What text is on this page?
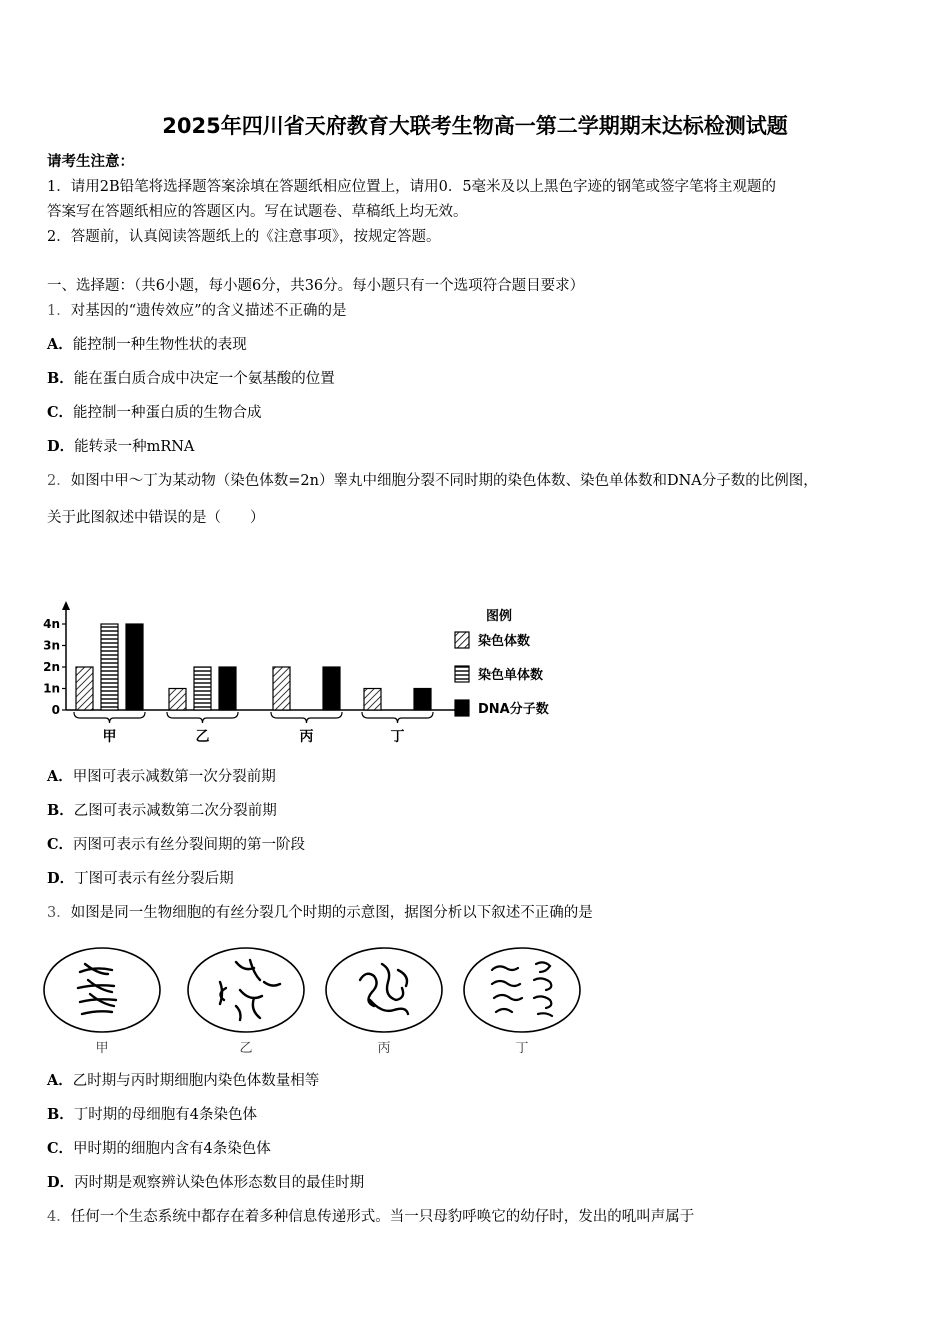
2025年四川省天府教育大联考生物高一第二学期期末达标检测试题
请考生注意：
1．请用2B铅笔将选择题答案涂填在答题纸相应位置上，请用0．5毫米及以上黑色字迹的钢笔或签字笔将主观题的
答案写在答题纸相应的答题区内。写在试题卷、草稿纸上均无效。
2．答题前，认真阅读答题纸上的《注意事项》，按规定答题。
一、选择题：（共6小题，每小题6分，共36分。每小题只有一个选项符合题目要求）
1．对基因的“遗传效应”的含义描述不正确的是
A．能控制一种生物性状的表现
B．能在蛋白质合成中决定一个氨基酸的位置
C．能控制一种蛋白质的生物合成
D．能转录一种mRNA
2．如图中甲～丁为某动物（染色体数=2n）睾丸中细胞分裂不同时期的染色体数、染色单体数和DNA分子数的比例图，
关于此图叙述中错误的是（　　）
0
1n
2n
3n
4n
甲	乙	丙	丁
图例
染色体数
染色单体数
DNA分子数
A．甲图可表示减数第一次分裂前期
B．乙图可表示减数第二次分裂前期
C．丙图可表示有丝分裂间期的第一阶段
D．丁图可表示有丝分裂后期
3．如图是同一生物细胞的有丝分裂几个时期的示意图，据图分析以下叙述不正确的是
甲	乙	丙	丁
A．乙时期与丙时期细胞内染色体数量相等
B．丁时期的母细胞有4条染色体
C．甲时期的细胞内含有4条染色体
D．丙时期是观察辨认染色体形态数目的最佳时期
4．任何一个生态系统中都存在着多种信息传递形式。当一只母豹呼唤它的幼仔时，发出的吼叫声属于
